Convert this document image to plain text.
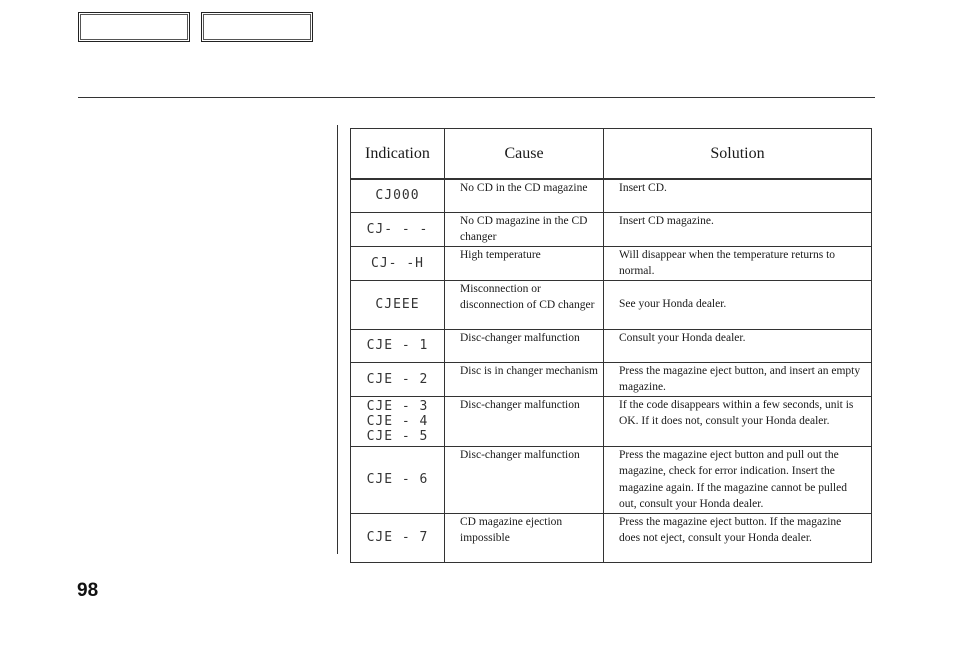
Indication	Cause	Solution

CJ000	No CD in the CD magazine	Insert CD.

CJ- - -	No CD magazine in the CD changer	Insert CD magazine.

CJ- -H	High temperature	Will disappear when the temperature returns to normal.

CJEEE	Misconnection or disconnection of CD changer	See your Honda dealer.

CJE - 1	Disc-changer malfunction	Consult your Honda dealer.

CJE - 2	Disc is in changer mechanism	Press the magazine eject button, and insert an empty magazine.

CJE - 3
CJE - 4
CJE - 5	Disc-changer malfunction	If the code disappears within a few seconds, unit is OK. If it does not, consult your Honda dealer.

CJE - 6	Disc-changer malfunction	Press the magazine eject button and pull out the magazine, check for error indication. Insert the magazine again. If the magazine cannot be pulled out, consult your Honda dealer.

CJE - 7	CD magazine ejection impossible	Press the magazine eject button. If the magazine does not eject, consult your Honda dealer.
98
